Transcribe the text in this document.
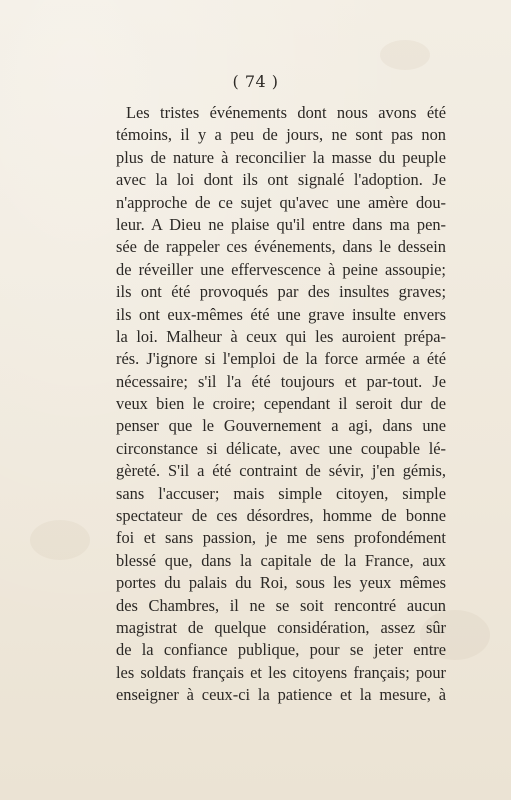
( 74 )
Les tristes événements dont nous avons été
témoins, il y a peu de jours, ne sont pas non
plus de nature à reconcilier la masse du peuple
avec la loi dont ils ont signalé l'adoption. Je
n'approche de ce sujet qu'avec une amère dou-
leur. A Dieu ne plaise qu'il entre dans ma pen-
sée de rappeler ces événements, dans le dessein
de réveiller une effervescence à peine assoupie;
ils ont été provoqués par des insultes graves;
ils ont eux-mêmes été une grave insulte envers
la loi. Malheur à ceux qui les auroient prépa-
rés. J'ignore si l'emploi de la force armée a été
nécessaire; s'il l'a été toujours et par-tout. Je
veux bien le croire; cependant il seroit dur de
penser que le Gouvernement a agi, dans une
circonstance si délicate, avec une coupable lé-
gèreté. S'il a été contraint de sévir, j'en gémis,
sans l'accuser; mais simple citoyen, simple
spectateur de ces désordres, homme de bonne
foi et sans passion, je me sens profondément
blessé que, dans la capitale de la France, aux
portes du palais du Roi, sous les yeux mêmes
des Chambres, il ne se soit rencontré aucun
magistrat de quelque considération, assez sûr
de la confiance publique, pour se jeter entre
les soldats français et les citoyens français; pour
enseigner à ceux-ci la patience et la mesure, à
